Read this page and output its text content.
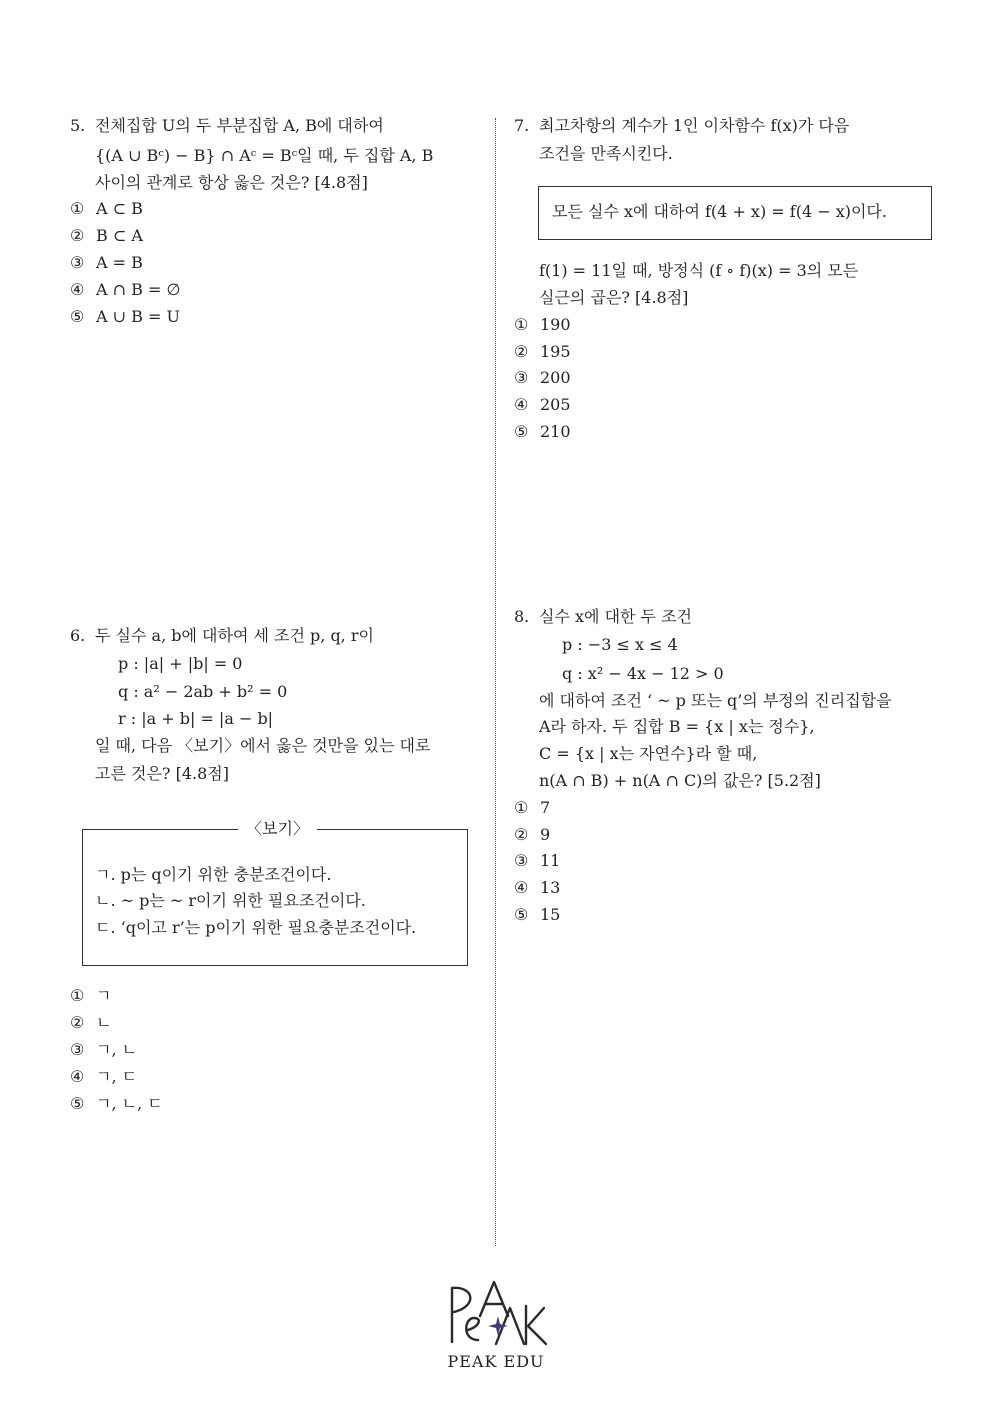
5. 전체집합 U의 두 부분집합 A, B에 대하여
{(A ∪ Bᶜ) − B} ∩ Aᶜ = Bᶜ일 때, 두 집합 A, B
사이의 관계로 항상 옳은 것은? [4.8점]
① A ⊂ B
② B ⊂ A
③ A = B
④ A ∩ B = ∅
⑤ A ∪ B = U
6. 두 실수 a, b에 대하여 세 조건 p, q, r이
p : |a| + |b| = 0
q : a² − 2ab + b² = 0
r : |a + b| = |a − b|
일 때, 다음 〈보기〉에서 옳은 것만을 있는 대로
고른 것은? [4.8점]
〈보기〉
ㄱ. p는 q이기 위한 충분조건이다.
ㄴ. ~ p는 ~ r이기 위한 필요조건이다.
ㄷ. ‘q이고 r’는 p이기 위한 필요충분조건이다.
① ㄱ
② ㄴ
③ ㄱ, ㄴ
④ ㄱ, ㄷ
⑤ ㄱ, ㄴ, ㄷ
7. 최고차항의 계수가 1인 이차함수 f(x)가 다음
조건을 만족시킨다.
모든 실수 x에 대하여 f(4 + x) = f(4 − x)이다.
f(1) = 11일 때, 방정식 (f ∘ f)(x) = 3의 모든
실근의 곱은? [4.8점]
① 190
② 195
③ 200
④ 205
⑤ 210
8. 실수 x에 대한 두 조건
p : −3 ≤ x ≤ 4
q : x² − 4x − 12 > 0
에 대하여 조건 ‘ ~ p 또는 q’의 부정의 진리집합을
A라 하자. 두 집합 B = {x | x는 정수},
C = {x | x는 자연수}라 할 때,
n(A ∩ B) + n(A ∩ C)의 값은? [5.2점]
① 7
② 9
③ 11
④ 13
⑤ 15
PEAK EDU
